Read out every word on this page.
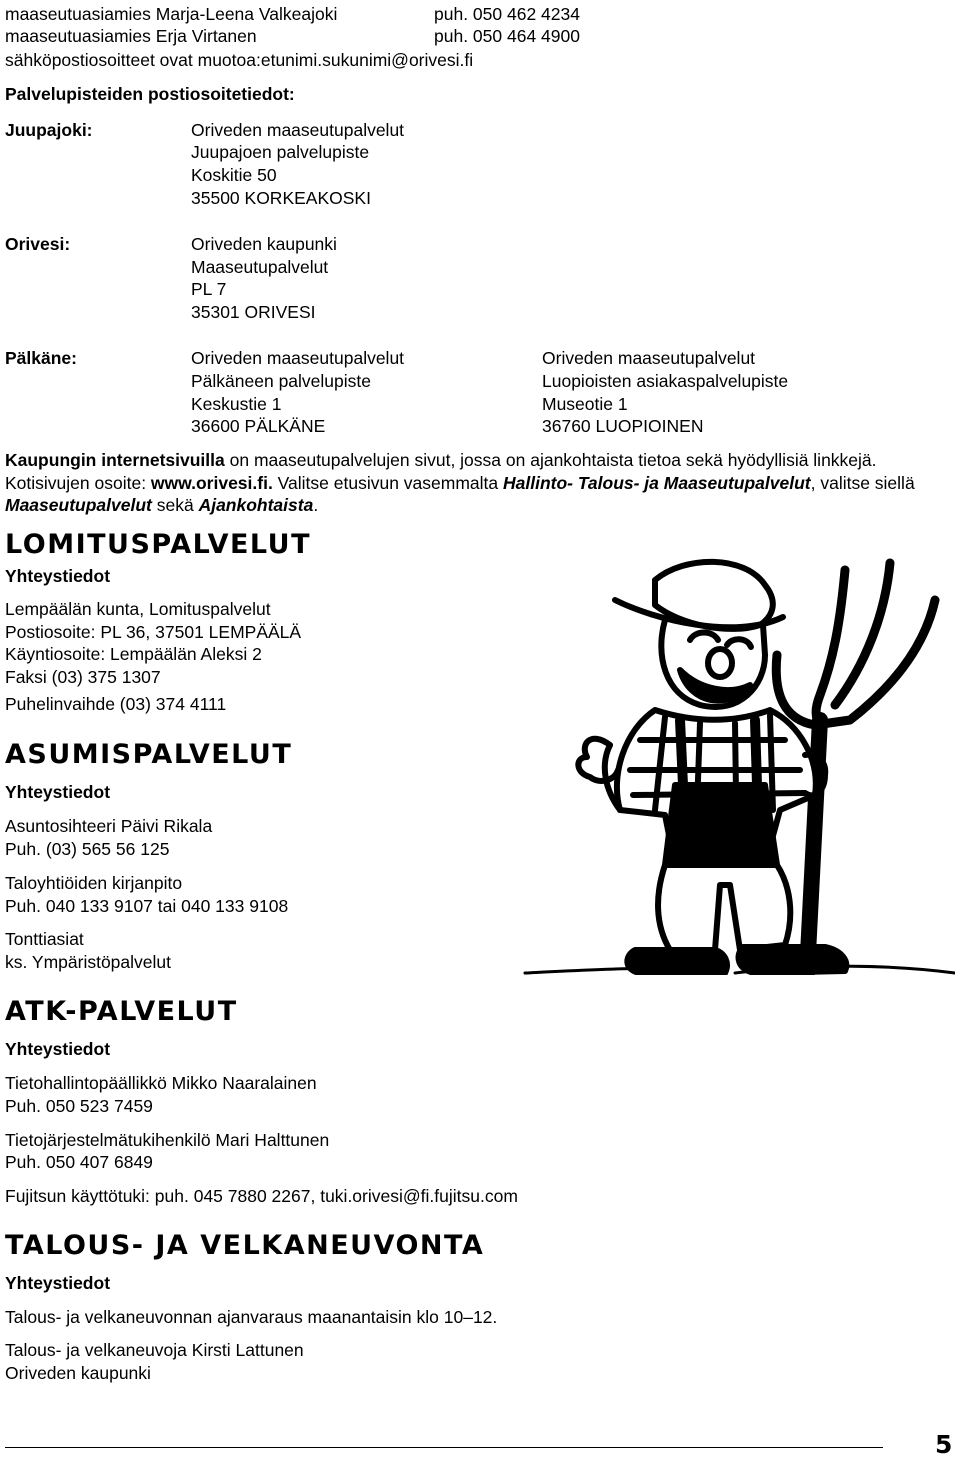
maaseutuasiamies Marja-Leena Valkeajoki	puh. 050 462 4234
maaseutuasiamies Erja Virtanen	puh. 050 464 4900
sähköpostiosoitteet ovat muotoa:etunimi.sukunimi@orivesi.fi
Palvelupisteiden postiosoitetiedot:
Juupajoki:	Oriveden maaseutupalvelut
Juupajoen palvelupiste
Koskitie 50
35500 KORKEAKOSKI
Orivesi:	Oriveden kaupunki
Maaseutupalvelut
PL 7
35301 ORIVESI
Pälkäne:	Oriveden maaseutupalvelut
Pälkäneen palvelupiste
Keskustie 1
36600 PÄLKÄNE
Oriveden maaseutupalvelut
Luopioisten asiakaspalvelupiste
Museotie 1
36760 LUOPIOINEN
Kaupungin internetsivuilla on maaseutupalvelujen sivut, jossa on ajankohtaista tietoa sekä hyödyllisiä linkkejä. Kotisivujen osoite: www.orivesi.fi. Valitse etusivun vasemmalta Hallinto- Talous- ja Maaseutupalvelut, valitse siellä Maaseutupalvelut sekä Ajankohtaista.
LOMITUSPALVELUT
Yhteystiedot
Lempäälän kunta, Lomituspalvelut
Postiosoite: PL 36, 37501 LEMPÄÄLÄ
Käyntiosoite: Lempäälän Aleksi 2
Faksi (03) 375 1307
Puhelinvaihde (03) 374 4111
ASUMISPALVELUT
Yhteystiedot
Asuntosihteeri Päivi Rikala
Puh. (03) 565 56 125
Taloyhtiöiden kirjanpito
Puh. 040 133 9107 tai 040 133 9108
Tonttiasiat
ks. Ympäristöpalvelut
ATK-PALVELUT
Yhteystiedot
Tietohallintopäällikkö Mikko Naaralainen
Puh. 050 523 7459
Tietojärjestelmätukihenkilö Mari Halttunen
Puh. 050 407 6849
Fujitsun käyttötuki: puh. 045 7880 2267, tuki.orivesi@fi.fujitsu.com
TALOUS- JA VELKANEUVONTA
Yhteystiedot
Talous- ja velkaneuvonnan ajanvaraus maanantaisin klo 10–12.
Talous- ja velkaneuvoja Kirsti Lattunen
Oriveden kaupunki
5
